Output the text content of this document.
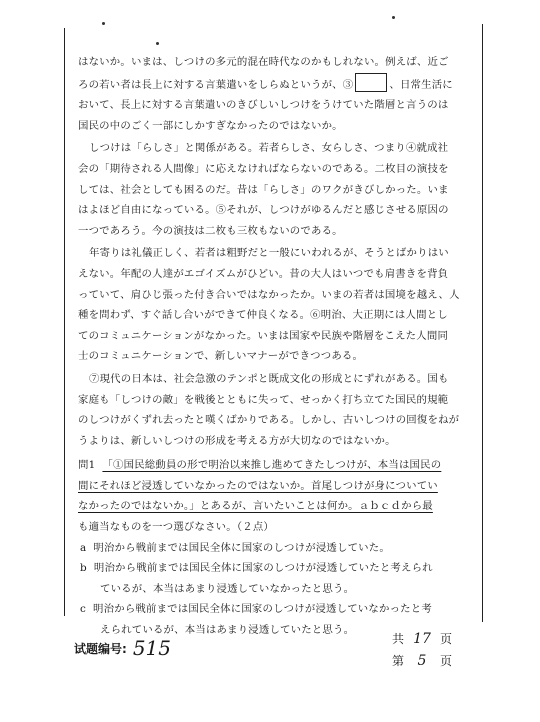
はないか。いまは、しつけの多元的混在時代なのかもしれない。例えば、近ご

ろの若い者は長上に対する言葉遣いをしらぬというが、③	、日常生活に

おいて、長上に対する言葉遣いのきびしいしつけをうけていた階層と言うのは

国民の中のごく一部にしかすぎなかったのではないか。

しつけは「らしさ」と関係がある。若者らしさ、女らしさ、つまり④就成社

会の「期待される人間像」に応えなければならないのである。二枚目の演技を

しては、社会としても困るのだ。昔は「らしさ」のワクがきびしかった。いま

はよほど自由になっている。⑤それが、しつけがゆるんだと感じさせる原因の

一つであろう。今の演技は二枚も三枚もないのである。

年寄りは礼儀正しく、若者は粗野だと一般にいわれるが、そうとばかりはい

えない。年配の人達がエゴイズムがひどい。昔の大人はいつでも肩書きを背負

っていて、肩ひじ張った付き合いではなかったか。いまの若者は国境を越え、人

種を問わず、すぐ話し合いができて仲良くなる。⑥明治、大正期には人間とし

てのコミュニケーションがなかった。いまは国家や民族や階層をこえた人間同

士のコミュニケーションで、新しいマナーができつつある。

⑦現代の日本は、社会急激のテンポと既成文化の形成とにずれがある。国も

家庭も「しつけの敵」を戦後とともに失って、せっかく打ち立てた国民的規範

のしつけがくずれ去ったと嘆くばかりである。しかし、古いしつけの回復をねが

うよりは、新しいしつけの形成を考える方が大切なのではないか。

問1 「①国民総動員の形で明治以来推し進めてきたしつけが、本当は国民の

間にそれほど浸透していなかったのではないか。首尾しつけが身についてい

なかったのではないか。」とあるが、言いたいことは何か。ａｂｃｄから最

も適当なものを一つ選びなさい。（２点）

a 明治から戦前までは国民全体に国家のしつけが浸透していた。

b 明治から戦前までは国民全体に国家のしつけが浸透していたと考えられ

ているが、本当はあまり浸透していなかったと思う。

c 明治から戦前までは国民全体に国家のしつけが浸透していなかったと考

えられているが、本当はあまり浸透していたと思う。

试题编号: 515	共 17 页
第 5 页
